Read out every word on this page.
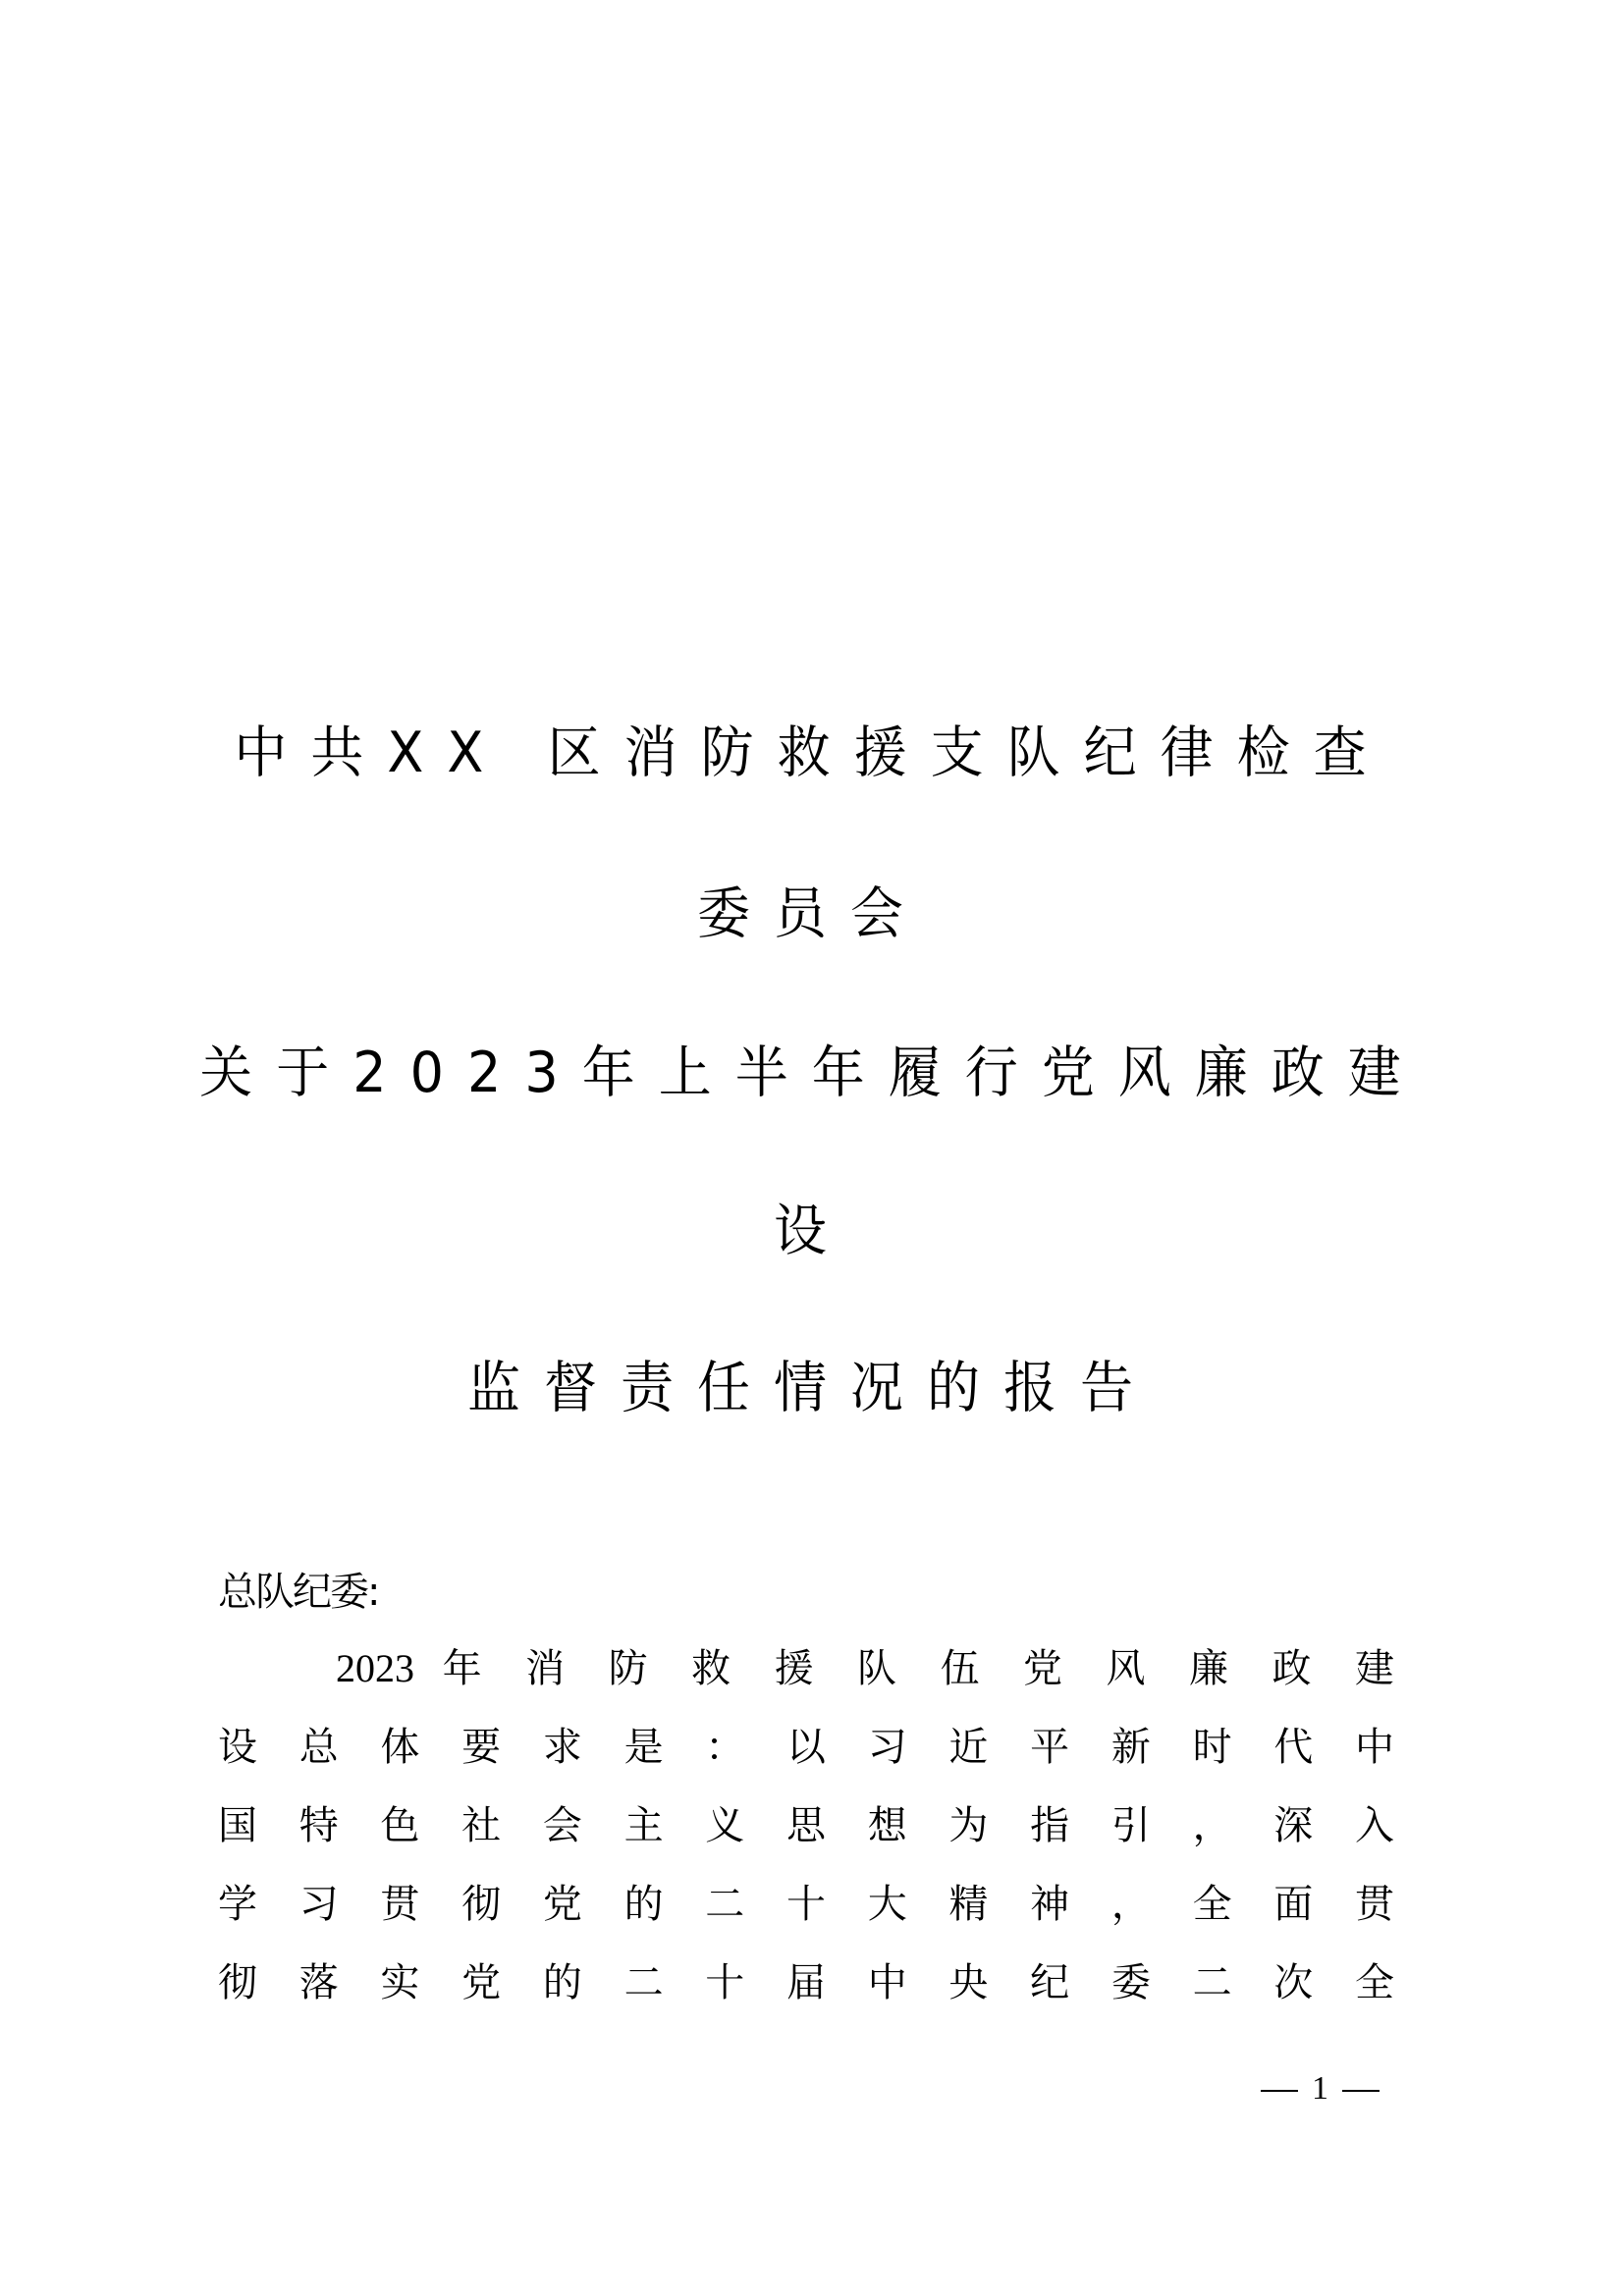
中共XX 区消防救援支队纪律检查
委员会
关于2023年上半年履行党风廉政建
设
监督责任情况的报告
总队纪委:
2023 年 消 防 救 援 队 伍 党 风 廉 政 建
设 总 体 要 求 是 ： 以 习 近 平 新 时 代 中
国 特 色 社 会 主 义 思 想 为 指 引 ， 深 入
学 习 贯 彻 党 的 二 十 大 精 神 ， 全 面 贯
彻 落 实 党 的 二 十 届 中 央 纪 委 二 次 全
1
